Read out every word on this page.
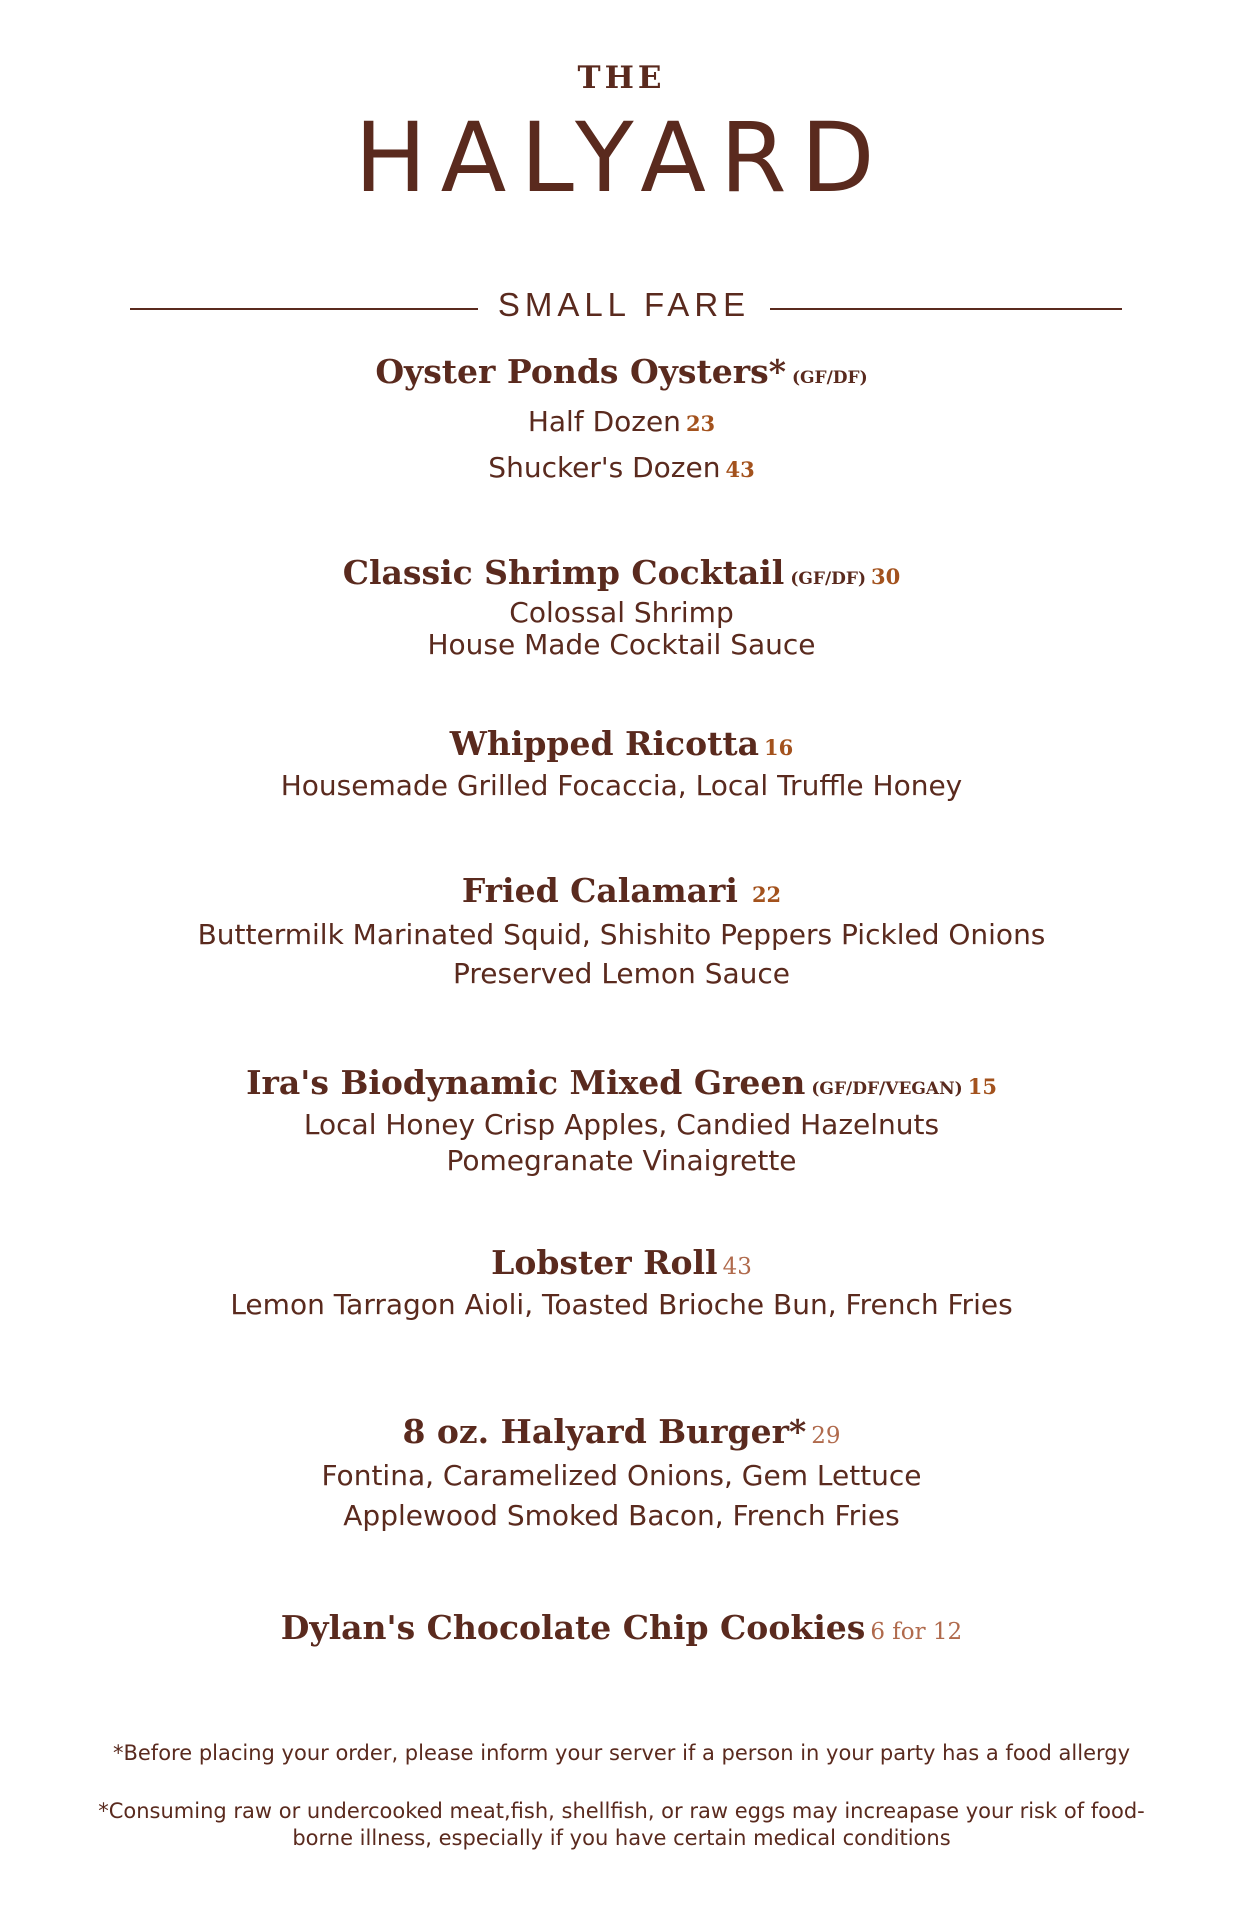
THE
HALYARD
SMALL FARE
Oyster Ponds Oysters* (GF/DF)
Half Dozen 23
Shucker's Dozen 43
Classic Shrimp Cocktail (GF/DF) 30
Colossal Shrimp
House Made Cocktail Sauce
Whipped Ricotta 16
Housemade Grilled Focaccia, Local Truffle Honey
Fried Calamari 22
Buttermilk Marinated Squid, Shishito Peppers Pickled Onions
Preserved Lemon Sauce
Ira's Biodynamic Mixed Green (GF/DF/VEGAN) 15
Local Honey Crisp Apples, Candied Hazelnuts
Pomegranate Vinaigrette
Lobster Roll 43
Lemon Tarragon Aioli, Toasted Brioche Bun, French Fries
8 oz. Halyard Burger* 29
Fontina, Caramelized Onions, Gem Lettuce
Applewood Smoked Bacon, French Fries
Dylan's Chocolate Chip Cookies 6 for 12
*Before placing your order, please inform your server if a person in your party has a food allergy
*Consuming raw or undercooked meat,fish, shellfish, or raw eggs may increapase your risk of food-borne illness, especially if you have certain medical conditions
